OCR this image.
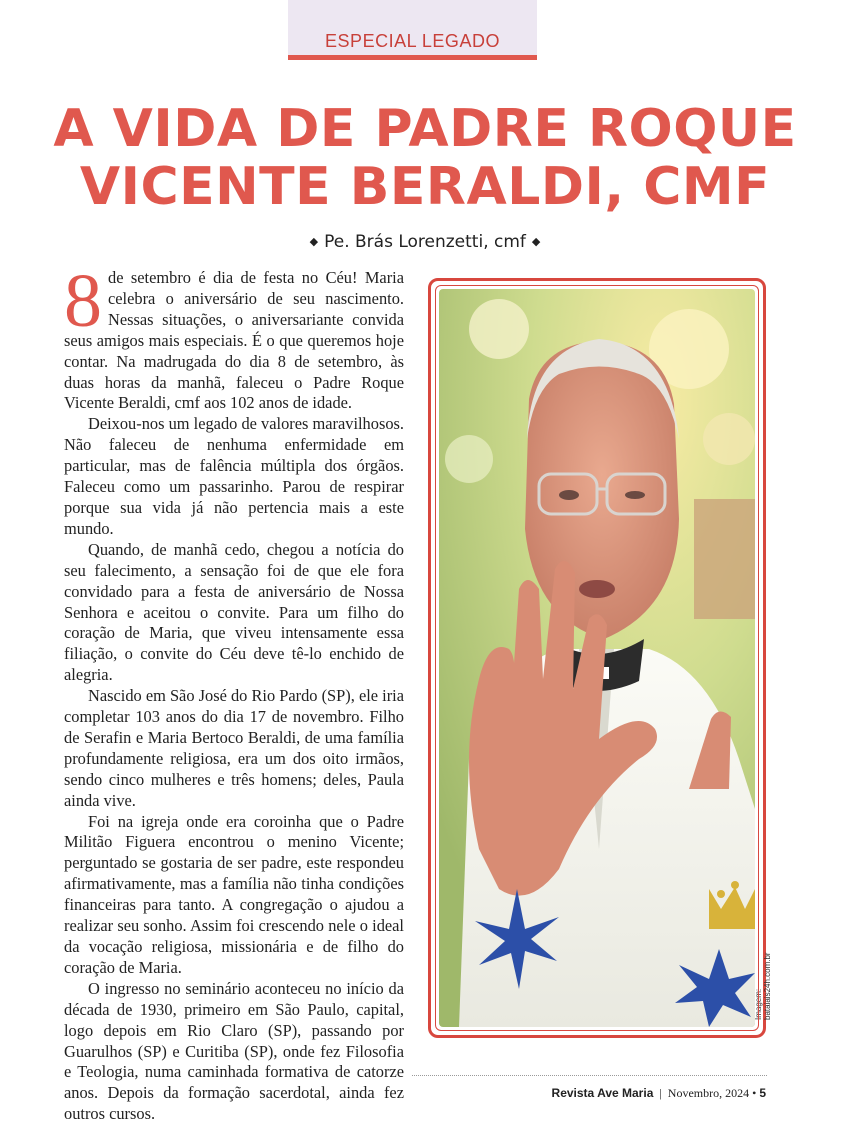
ESPECIAL LEGADO
A VIDA DE PADRE ROQUE
VICENTE BERALDI, CMF
◆ Pe. Brás Lorenzetti, cmf ◆

8 de setembro é dia de festa no Céu! Maria celebra o aniversário de seu nascimento. Nessas situações, o aniversariante convida seus amigos mais especiais. É o que queremos hoje contar. Na madrugada do dia 8 de setembro, às duas horas da manhã, faleceu o Padre Roque Vicente Beraldi, cmf aos 102 anos de idade.

Deixou-nos um legado de valores maravilhosos. Não faleceu de nenhuma enfermidade em particular, mas de falência múltipla dos órgãos. Faleceu como um passarinho. Parou de respirar porque sua vida já não pertencia mais a este mundo.

Quando, de manhã cedo, chegou a notícia do seu falecimento, a sensação foi de que ele fora convidado para a festa de aniversário de Nossa Senhora e aceitou o convite. Para um filho do coração de Maria, que viveu intensamente essa filiação, o convite do Céu deve tê-lo enchido de alegria.

Nascido em São José do Rio Pardo (SP), ele iria completar 103 anos do dia 17 de novembro. Filho de Serafin e Maria Bertoco Beraldi, de uma família profundamente religiosa, era um dos oito irmãos, sendo cinco mulheres e três homens; deles, Paula ainda vive.

Foi na igreja onde era coroinha que o Padre Militão Figuera encontrou o menino Vicente; perguntado se gostaria de ser padre, este respondeu afirmativamente, mas a família não tinha condições financeiras para tanto. A congregação o ajudou a realizar seu sonho. Assim foi crescendo nele o ideal da vocação religiosa, missionária e de filho do coração de Maria.

O ingresso no seminário aconteceu no início da década de 1930, primeiro em São Paulo, capital, logo depois em Rio Claro (SP), passando por Guarulhos (SP) e Curitiba (SP), onde fez Filosofia e Teologia, numa caminhada formativa de catorze anos. Depois da formação sacerdotal, ainda fez outros cursos.

Imagem: bataiais24h.com.br
Revista Ave Maria | Novembro, 2024 • 5
